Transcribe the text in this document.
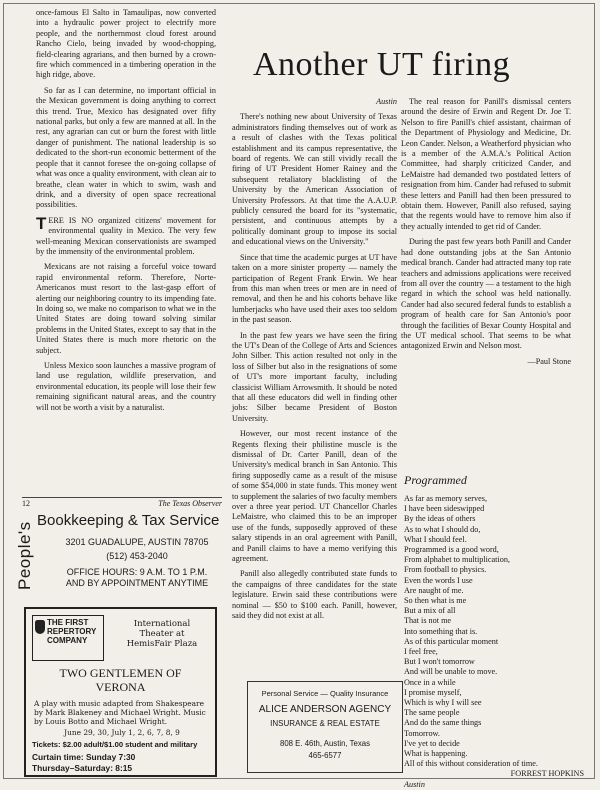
once-famous El Salto in Tamaulipas, now converted into a hydraulic power project to electrify more people, and the northernmost cloud forest around Rancho Cielo, being invaded by wood-chopping, field-clearing agrarians, and then burned by a crown-fire which commenced in a timbering operation in the high ridge, above.

So far as I can determine, no important official in the Mexican government is doing anything to correct this trend. True, Mexico has designated over fifty national parks, but only a few are manned at all. In the rest, any agrarian can cut or burn the forest with little danger of punishment. The national leadership is so dedicated to the short-run economic betterment of the people that it cannot foresee the on-going collapse of what was once a quality environment, with clean air to breathe, clean water in which to swim, wash and drink, and a diversity of open space recreational possibilities.

TERE IS NO organized citizens' movement for environmental quality in Mexico. The very few well-meaning Mexican conservationists are swamped by the immensity of the environmental problem.

Mexicans are not raising a forceful voice toward rapid environmental reform. Therefore, Norte-Americanos must resort to the last-gasp effort of alerting our neighboring country to its impending fate. In doing so, we make no comparison to what we in the United States are doing toward solving similar problems in the United States, except to say that in the United States there is much more rhetoric on the subject.

Unless Mexico soon launches a massive program of land use regulation, wildlife preservation, and environmental education, its people will lose their few remaining significant natural areas, and the country will not be worth a visit by a naturalist.

12	The Texas Observer
Another UT firing

Austin

There's nothing new about University of Texas administrators finding themselves out of work as a result of clashes with the Texas political establishment and its campus representative, the board of regents. We can still vividly recall the firing of UT President Homer Rainey and the subsequent retaliatory blacklisting of the University by the American Association of University Professors. At that time the A.A.U.P. publicly censured the board for its "systematic, persistent, and continuous attempts by a politically dominant group to impose its social and educational views on the University."

Since that time the academic purges at UT have taken on a more sinister property — namely the participation of Regent Frank Erwin. We hear from this man when trees or men are in need of removal, and then he and his cohorts behave like lumberjacks who have used their axes too seldom in the past season.

In the past few years we have seen the firing the UT's Dean of the College of Arts and Sciences John Silber. This action resulted not only in the loss of Silber but also in the resignations of some of UT's more important faculty, including classicist William Arrowsmith. It should be noted that all these educators did well in finding other jobs: Silber became President of Boston University.

However, our most recent instance of the Regents flexing their philistine muscle is the dismissal of Dr. Carter Panill, dean of the University's medical branch in San Antonio. This firing supposedly came as a result of the misuse of some $54,000 in state funds. This money went to supplement the salaries of two faculty members over a three year period. UT Chancellor Charles LeMaistre, who claimed this to be an improper use of the funds, supposedly approved of these salary stipends in an oral agreement with Panill, and Panill claims to have a memo verifying this agreement.

Panill also allegedly contributed state funds to the campaigns of three candidates for the state legislature. Erwin said these contributions were nominal — $50 to $100 each. Panill, however, said they did not exist at all.

The real reason for Panill's dismissal centers around the desire of Erwin and Regent Dr. Joe T. Nelson to fire Panill's chief assistant, chairman of the Department of Physiology and Medicine, Dr. Leon Cander. Nelson, a Weatherford physician who is a member of the A.M.A.'s Political Action Committee, had sharply criticized Cander, and LeMaistre had demanded two postdated letters of resignation from him. Cander had refused to submit these letters and Panill had then been pressured to obtain them. However, Panill also refused, saying that the regents would have to remove him also if they actually intended to get rid of Cander.

During the past few years both Panill and Cander had done outstanding jobs at the San Antonio medical branch. Cander had attracted many top rate teachers and admissions applications were received from all over the country — a testament to the high regard in which the school was held nationally. Cander had also secured federal funds to establish a program of health care for San Antonio's poor through the facilities of Bexar County Hospital and the UT medical school. That seems to be what antagonized Erwin and Nelson most.

—Paul Stone

People's
Bookkeeping & Tax Service
3201 GUADALUPE, AUSTIN 78705
(512) 453-2040
OFFICE HOURS: 9 A.M. TO 1 P.M.
AND BY APPOINTMENT ANYTIME
THE FIRST
REPERTORY
COMPANY
International
Theater at
HemisFair Plaza
TWO GENTLEMEN OF
VERONA
A play with music adapted from Shakespeare by Mark Blakeney and Michael Wright. Music by Louis Botto and Michael Wright.
June 29, 30, July 1, 2, 6, 7, 8, 9
Tickets: $2.00 adult/$1.00 student and military
Curtain time: Sunday 7:30
Thursday–Saturday: 8:15
Personal Service — Quality Insurance
ALICE ANDERSON AGENCY
INSURANCE & REAL ESTATE
808 E. 46th, Austin, Texas
465-6577
Programmed
As far as memory serves,
I have been sideswipped
By the ideas of others
As to what I should do,
What I should feel.
Programmed is a good word,
From alphabet to multiplication,
From football to physics.
Even the words I use
Are naught of me.
So then what is me
But a mix of all
That is not me
Into something that is.
As of this particular moment
I feel free,
But I won't tomorrow
And will be unable to move.
Once in a while
I promise myself,
Which is why I will see
The same people
And do the same things
Tomorrow.
I've yet to decide
What is happening.
All of this without consideration of time.
FORREST HOPKINS
Austin
